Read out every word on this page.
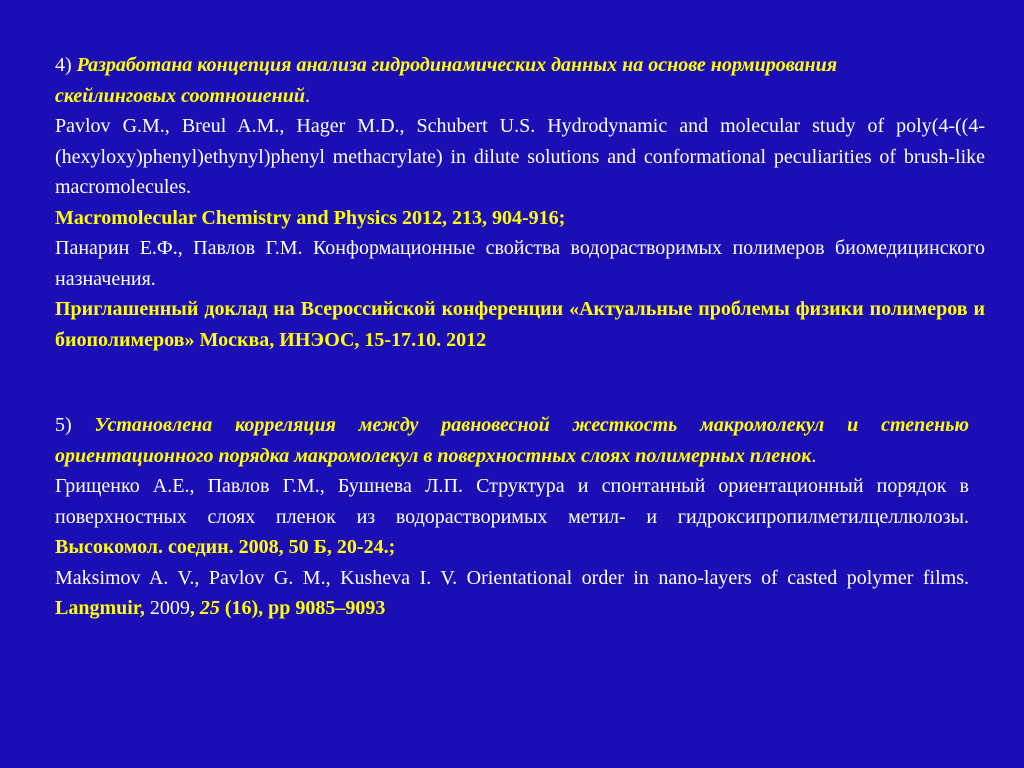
4) Разработана концепция анализа гидродинамических данных на основе нормирования
скейлинговых соотношений.

Pavlov G.M., Breul A.M., Hager M.D., Schubert U.S. Hydrodynamic and molecular study of poly(4-((4-(hexyloxy)phenyl)ethynyl)phenyl methacrylate) in dilute solutions and conformational peculiarities of brush-like macromolecules.

Macromolecular Chemistry and Physics 2012, 213, 904-916;

Панарин Е.Ф., Павлов Г.М. Конформационные свойства водорастворимых полимеров биомедицинского назначения.

Приглашенный доклад на Всероссийской конференции «Актуальные проблемы физики полимеров и биополимеров» Москва, ИНЭОС, 15-17.10. 2012

5) Установлена корреляция между равновесной жесткость макромолекул и степенью ориентационного порядка макромолекул в поверхностных слоях полимерных пленок.

Грищенко А.Е., Павлов Г.М., Бушнева Л.П. Структура и спонтанный ориентационный порядок в поверхностных слоях пленок из водорастворимых метил- и гидроксипропилметилцеллюлозы. Высокомол. соедин. 2008, 50 Б, 20-24.;

Maksimov A. V., Pavlov G. M., Kusheva I. V. Orientational order in nano-layers of casted polymer films. Langmuir, 2009, 25 (16), pp 9085–9093
